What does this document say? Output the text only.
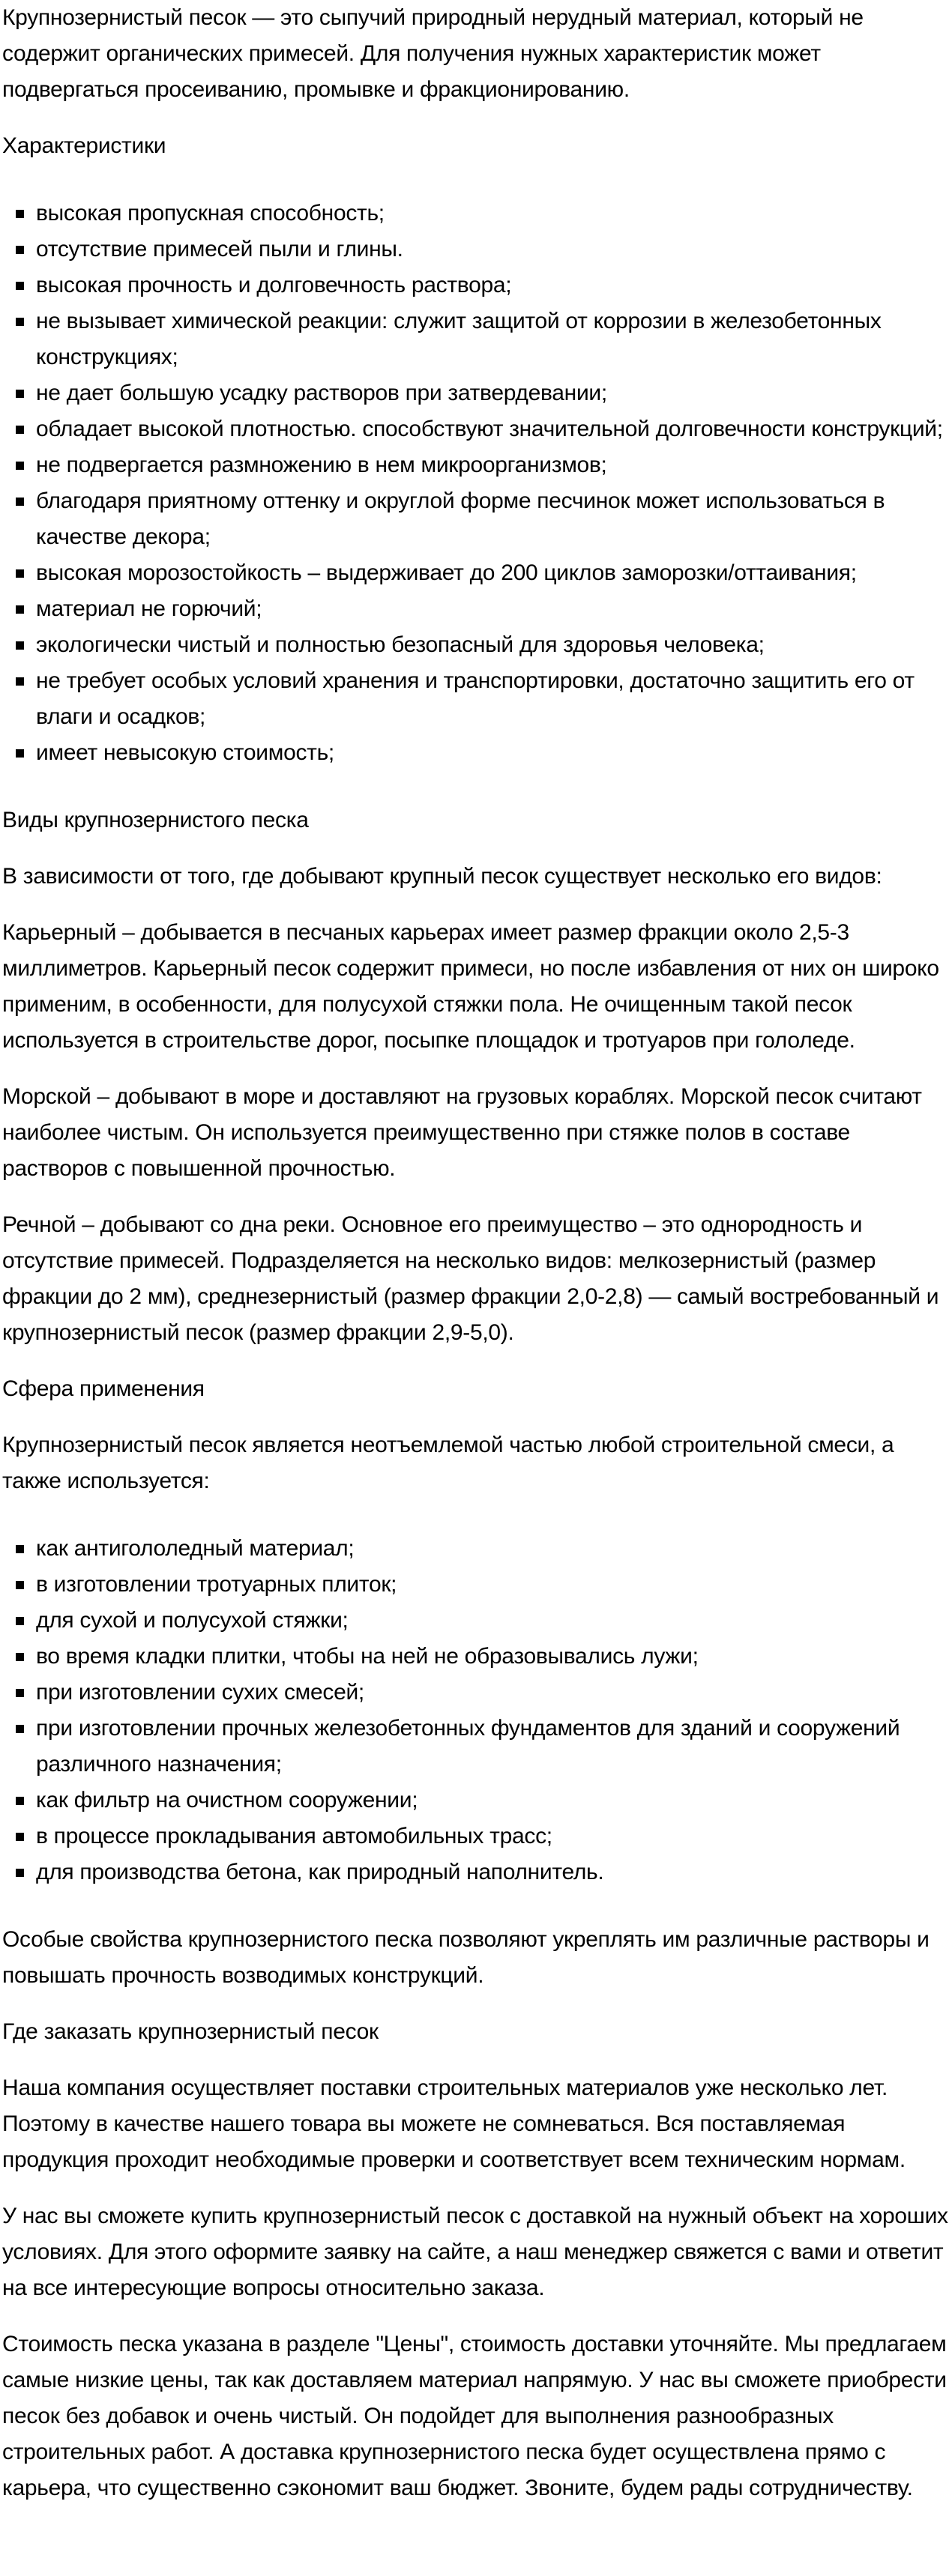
Крупнозернистый песок — это сыпучий природный нерудный материал, который не содержит органических примесей. Для получения нужных характеристик может подвергаться просеиванию, промывке и фракционированию.

Характеристики

высокая пропускная способность;
отсутствие примесей пыли и глины.
высокая прочность и долговечность раствора;
не вызывает химической реакции: служит защитой от коррозии в железобетонных конструкциях;
не дает большую усадку растворов при затвердевании;
обладает высокой плотностью. способствуют значительной долговечности конструкций;
не подвергается размножению в нем микроорганизмов;
благодаря приятному оттенку и округлой форме песчинок может использоваться в качестве декора;
высокая морозостойкость – выдерживает до 200 циклов заморозки/оттаивания;
материал не горючий;
экологически чистый и полностью безопасный для здоровья человека;
не требует особых условий хранения и транспортировки, достаточно защитить его от влаги и осадков;
имеет невысокую стоимость;

Виды крупнозернистого песка

В зависимости от того, где добывают крупный песок существует несколько его видов:

Карьерный – добывается в песчаных карьерах имеет размер фракции около 2,5-3 миллиметров. Карьерный песок содержит примеси, но после избавления от них он широко применим, в особенности, для полусухой стяжки пола. Не очищенным такой песок используется в строительстве дорог, посыпке площадок и тротуаров при гололеде.

Морской – добывают в море и доставляют на грузовых кораблях. Морской песок считают наиболее чистым. Он используется преимущественно при стяжке полов в составе растворов с повышенной прочностью.

Речной – добывают со дна реки. Основное его преимущество – это однородность и отсутствие примесей. Подразделяется на несколько видов: мелкозернистый (размер фракции до 2 мм), среднезернистый (размер фракции 2,0-2,8) — самый востребованный и крупнозернистый песок (размер фракции 2,9-5,0).

Сфера применения

Крупнозернистый песок является неотъемлемой частью любой строительной смеси, а также используется:

как антигололедный материал;
в изготовлении тротуарных плиток;
для сухой и полусухой стяжки;
во время кладки плитки, чтобы на ней не образовывались лужи;
при изготовлении сухих смесей;
при изготовлении прочных железобетонных фундаментов для зданий и сооружений различного назначения;
как фильтр на очистном сооружении;
в процессе прокладывания автомобильных трасс;
для производства бетона, как природный наполнитель.

Особые свойства крупнозернистого песка позволяют укреплять им различные растворы и повышать прочность возводимых конструкций.

Где заказать крупнозернистый песок

Наша компания осуществляет поставки строительных материалов уже несколько лет. Поэтому в качестве нашего товара вы можете не сомневаться. Вся поставляемая продукция проходит необходимые проверки и соответствует всем техническим нормам.

У нас вы сможете купить крупнозернистый песок с доставкой на нужный объект на хороших условиях. Для этого оформите заявку на сайте, а наш менеджер свяжется с вами и ответит на все интересующие вопросы относительно заказа.

Стоимость песка указана в разделе "Цены", стоимость доставки уточняйте. Мы предлагаем самые низкие цены, так как доставляем материал напрямую. У нас вы сможете приобрести песок без добавок и очень чистый. Он подойдет для выполнения разнообразных строительных работ. А доставка крупнозернистого песка будет осуществлена прямо с карьера, что существенно сэкономит ваш бюджет. Звоните, будем рады сотрудничеству.
